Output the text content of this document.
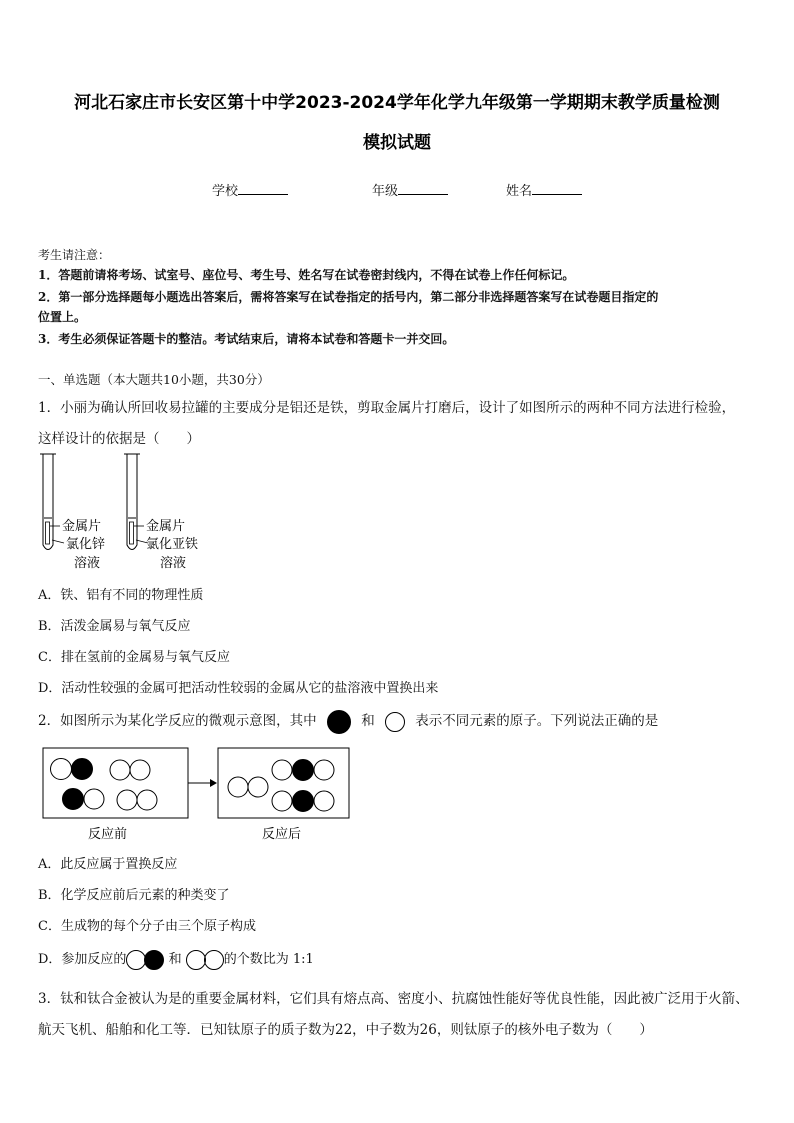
河北石家庄市长安区第十中学2023-2024学年化学九年级第一学期期末教学质量检测
模拟试题
学校	年级	姓名
考生请注意：
1．答题前请将考场、试室号、座位号、考生号、姓名写在试卷密封线内，不得在试卷上作任何标记。
2．第一部分选择题每小题选出答案后，需将答案写在试卷指定的括号内，第二部分非选择题答案写在试卷题目指定的
位置上。
3．考生必须保证答题卡的整洁。考试结束后，请将本试卷和答题卡一并交回。
一、单选题（本大题共10小题，共30分）
1．小丽为确认所回收易拉罐的主要成分是铝还是铁，剪取金属片打磨后，设计了如图所示的两种不同方法进行检验，
这样设计的依据是（　　）
金属片
氯化锌
溶液
金属片
氯化亚铁
溶液
A．铁、铝有不同的物理性质
B．活泼金属易与氧气反应
C．排在氢前的金属易与氧气反应
D．活动性较强的金属可把活动性较弱的金属从它的盐溶液中置换出来
2．如图所示为某化学反应的微观示意图，其中	和	表示不同元素的原子。下列说法正确的是
反应前	反应后
A．此反应属于置换反应
B．化学反应前后元素的种类变了
C．生成物的每个分子由三个原子构成
D．参加反应的	和	的个数比为 1:1
3．钛和钛合金被认为是的重要金属材料，它们具有熔点高、密度小、抗腐蚀性能好等优良性能，因此被广泛用于火箭、
航天飞机、船舶和化工等．已知钛原子的质子数为22，中子数为26，则钛原子的核外电子数为（　　）
